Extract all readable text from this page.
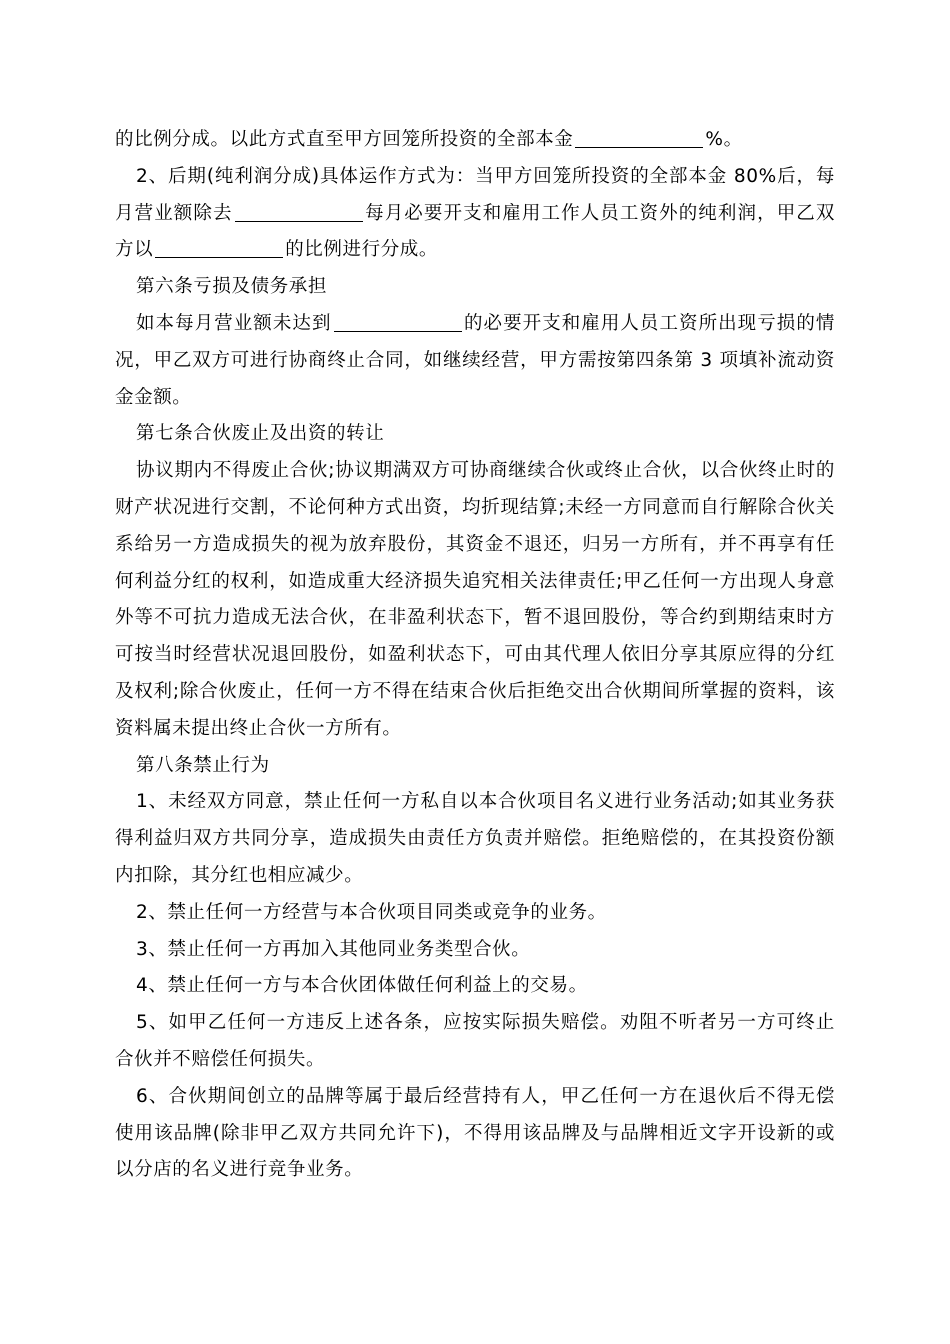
的比例分成。以此方式直至甲方回笼所投资的全部本金	%。

2、后期(纯利润分成)具体运作方式为：当甲方回笼所投资的全部本金 80%后，每月营业额除去	每月必要开支和雇用工作人员工资外的纯利润，甲乙双方以	的比例进行分成。

第六条亏损及债务承担

如本每月营业额未达到	的必要开支和雇用人员工资所出现亏损的情况，甲乙双方可进行协商终止合同，如继续经营，甲方需按第四条第 3 项填补流动资金金额。

第七条合伙废止及出资的转让

协议期内不得废止合伙;协议期满双方可协商继续合伙或终止合伙，以合伙终止时的财产状况进行交割，不论何种方式出资，均折现结算;未经一方同意而自行解除合伙关系给另一方造成损失的视为放弃股份，其资金不退还，归另一方所有，并不再享有任何利益分红的权利，如造成重大经济损失追究相关法律责任;甲乙任何一方出现人身意外等不可抗力造成无法合伙，在非盈利状态下，暂不退回股份，等合约到期结束时方可按当时经营状况退回股份，如盈利状态下，可由其代理人依旧分享其原应得的分红及权利;除合伙废止，任何一方不得在结束合伙后拒绝交出合伙期间所掌握的资料，该资料属未提出终止合伙一方所有。

第八条禁止行为

1、未经双方同意，禁止任何一方私自以本合伙项目名义进行业务活动;如其业务获得利益归双方共同分享，造成损失由责任方负责并赔偿。拒绝赔偿的，在其投资份额内扣除，其分红也相应减少。

2、禁止任何一方经营与本合伙项目同类或竞争的业务。

3、禁止任何一方再加入其他同业务类型合伙。

4、禁止任何一方与本合伙团体做任何利益上的交易。

5、如甲乙任何一方违反上述各条，应按实际损失赔偿。劝阻不听者另一方可终止合伙并不赔偿任何损失。

6、合伙期间创立的品牌等属于最后经营持有人，甲乙任何一方在退伙后不得无偿使用该品牌(除非甲乙双方共同允许下)，不得用该品牌及与品牌相近文字开设新的或以分店的名义进行竞争业务。
